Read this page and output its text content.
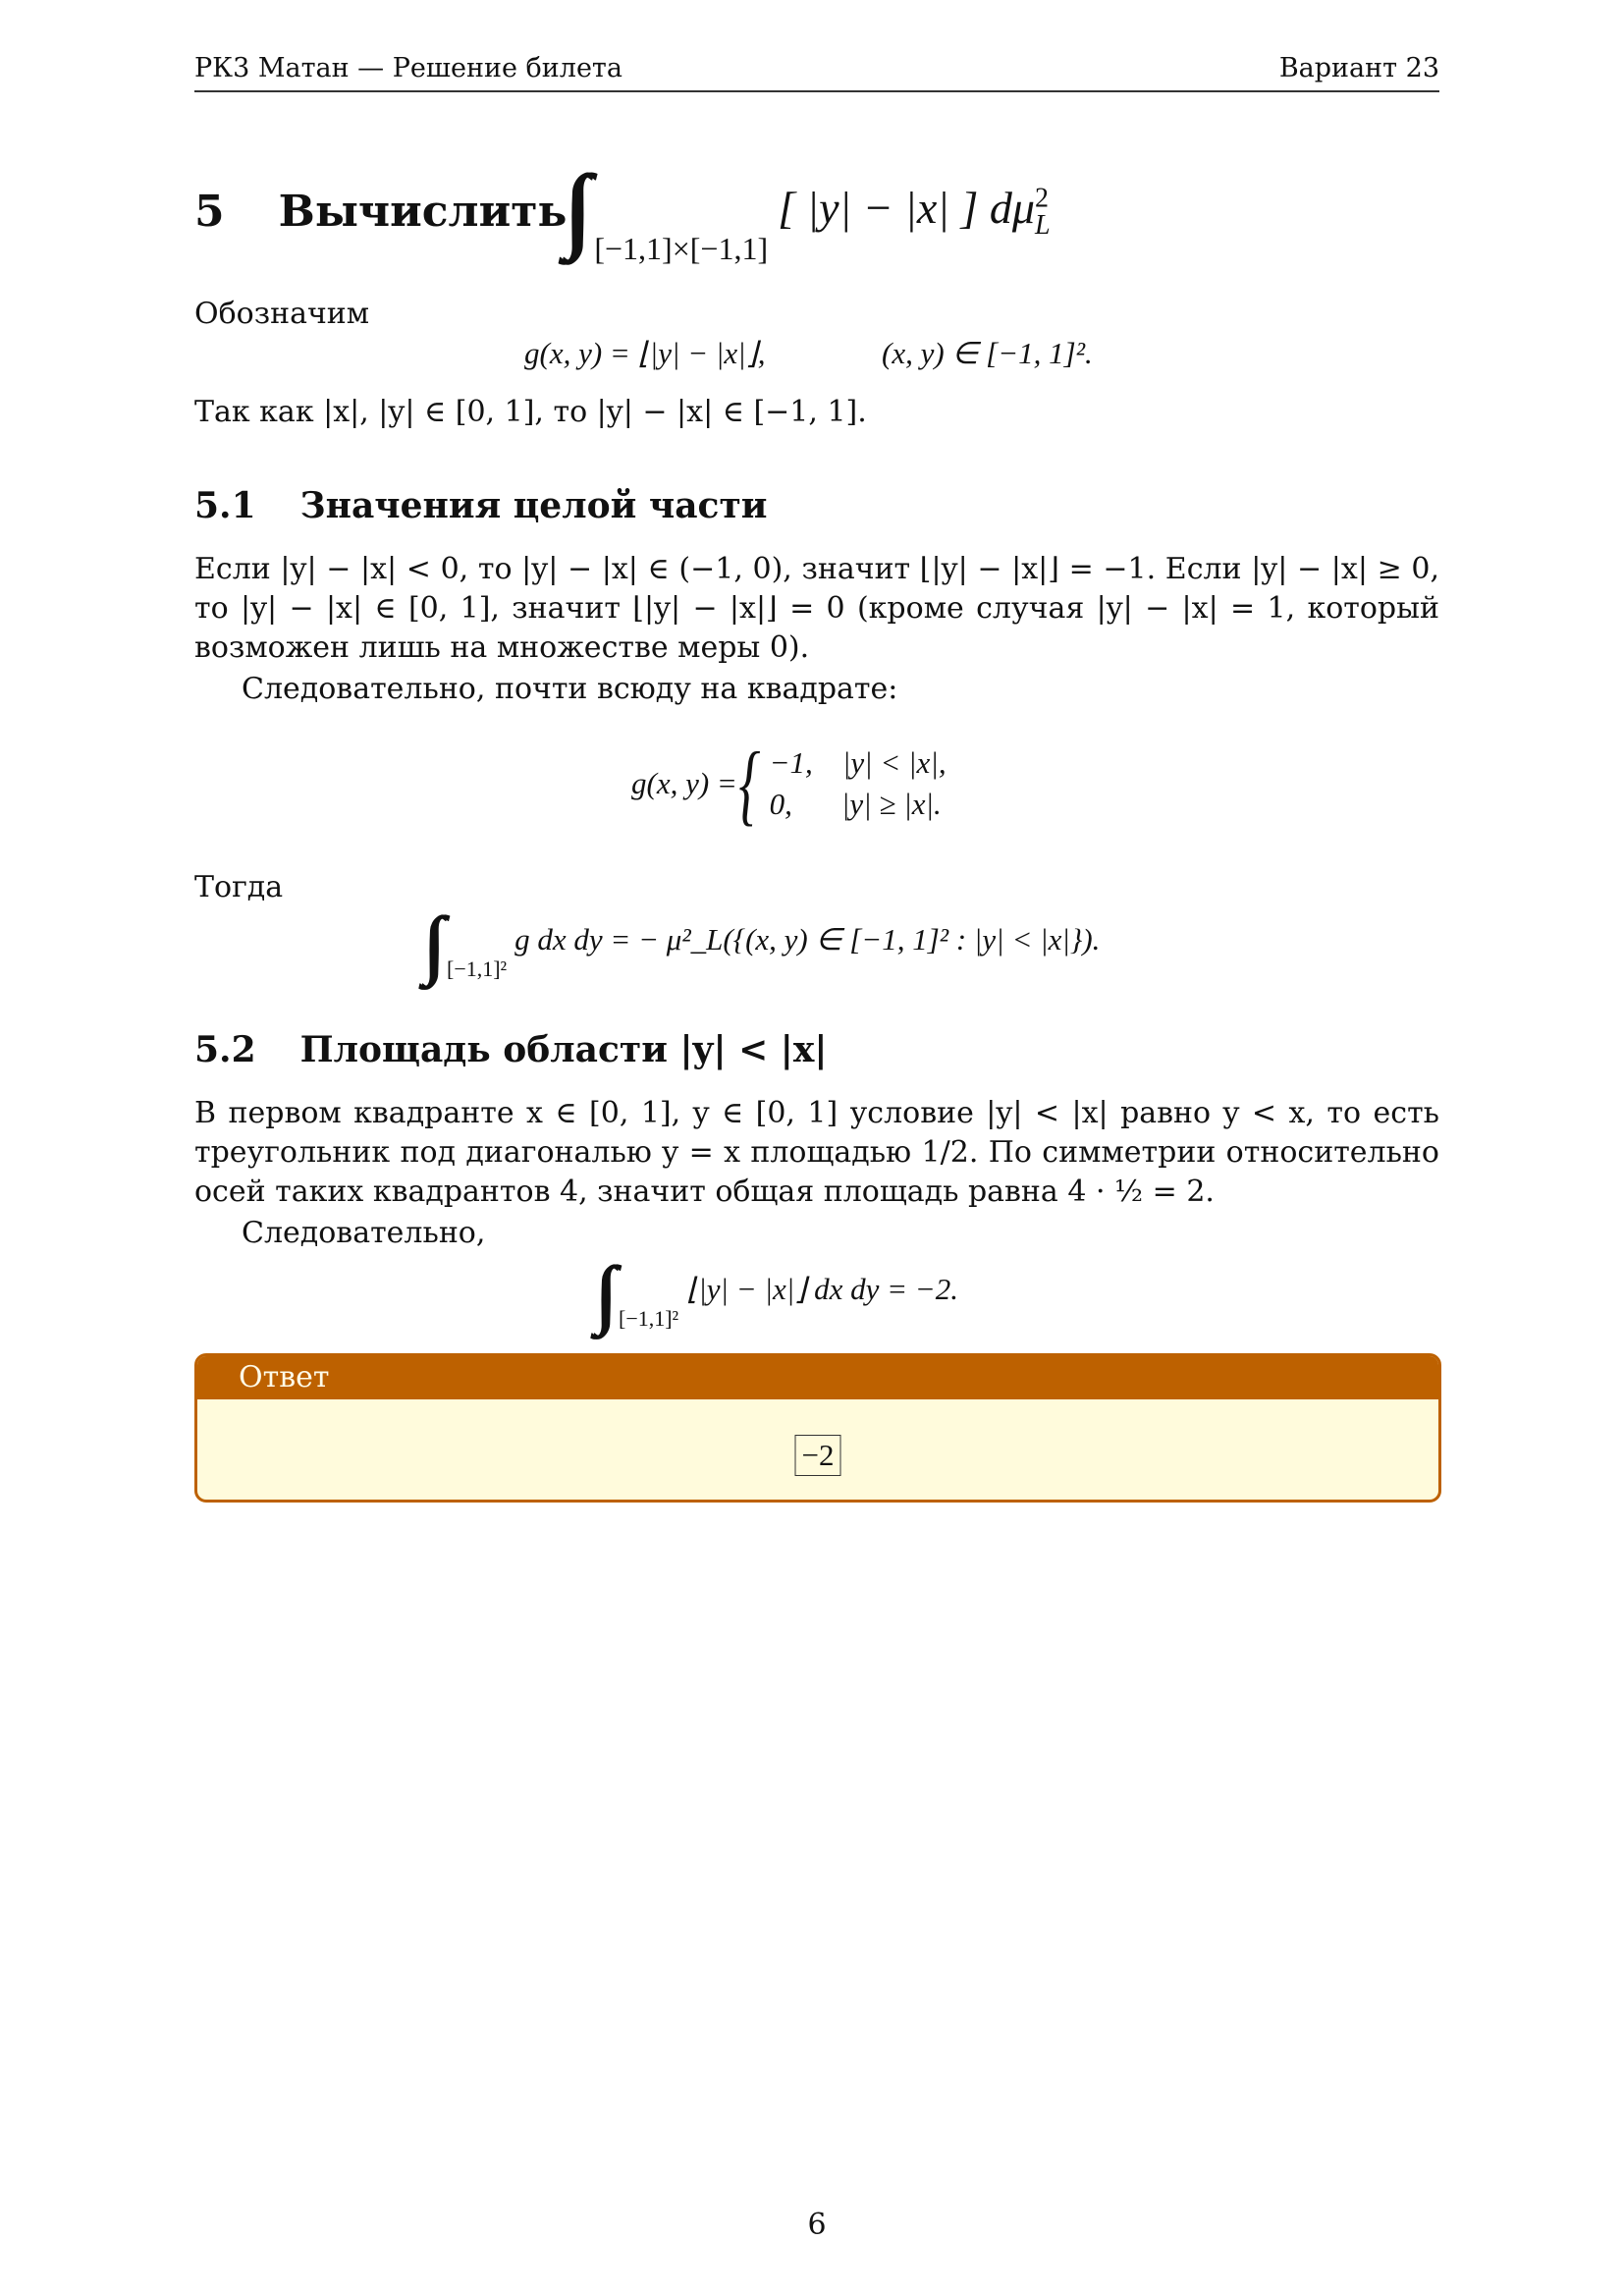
РК3 Матан — Решение билета	Вариант 23
5 Вычислить
[−1,1]×[−1,1]
[ |y| − |x| ] $d\mu^2_L$
Обозначим
g(x, y) = ⌊|y| − |x|⌋,	(x, y) ∈ [−1, 1]².
Так как |x|, |y| ∈ [0, 1], то |y| − |x| ∈ [−1, 1].
5.1 Значения целой части
Если |y| − |x| < 0, то |y| − |x| ∈ (−1, 0), значит ⌊|y| − |x|⌋ = −1. Если |y| − |x| ≥ 0, то |y| − |x| ∈ [0, 1], значит ⌊|y| − |x|⌋ = 0 (кроме случая |y| − |x| = 1, который возможен лишь на множестве меры 0).
Следовательно, почти всюду на квадрате:
g(x, y) = { −1, |y| < |x|,
0, |y| ≥ |x|.
Тогда
[−1,1]²
g dx dy = − μ²_L({(x, y) ∈ [−1, 1]² : |y| < |x|}).
5.2 Площадь области |y| < |x|
В первом квадранте x ∈ [0, 1], y ∈ [0, 1] условие |y| < |x| равно y < x, то есть треугольник под диагональю y = x площадью 1/2. По симметрии относительно осей таких квадрантов 4, значит общая площадь равна 4 · ½ = 2.
Следовательно,
[−1,1]²
⌊|y| − |x|⌋ dx dy = −2.
Ответ
−2
6
